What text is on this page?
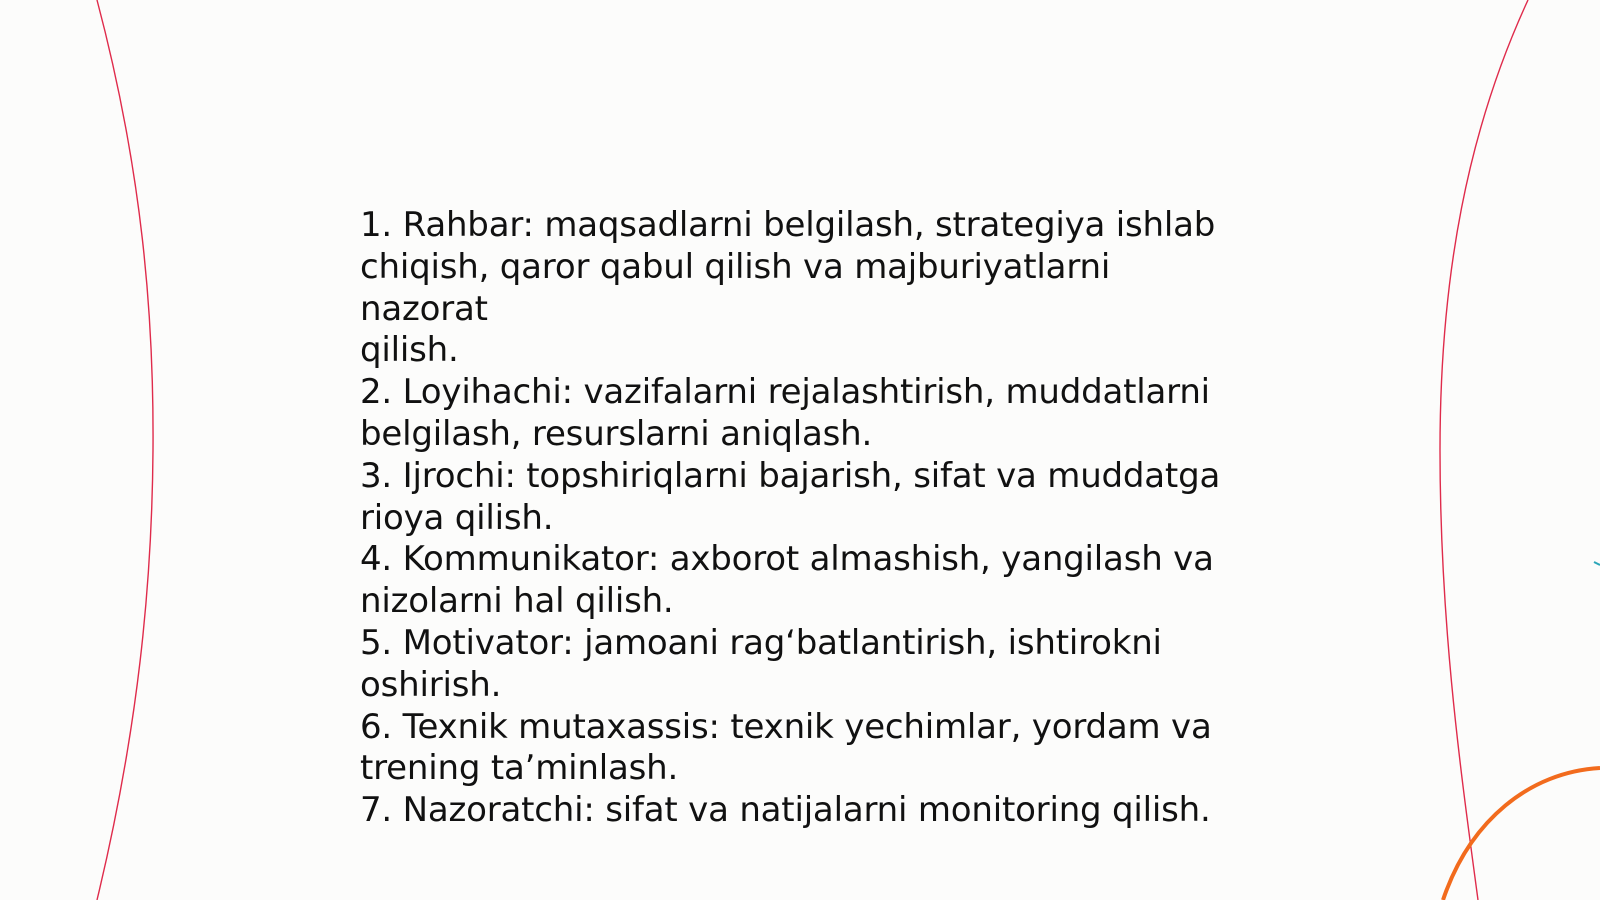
1. Rahbar: maqsadlarni belgilash, strategiya ishlab
chiqish, qaror qabul qilish va majburiyatlarni nazorat
qilish.

2. Loyihachi: vazifalarni rejalashtirish, muddatlarni
belgilash, resurslarni aniqlash.

3. Ijrochi: topshiriqlarni bajarish, sifat va muddatga
rioya qilish.

4. Kommunikator: axborot almashish, yangilash va
nizolarni hal qilish.

5. Motivator: jamoani rag‘batlantirish, ishtirokni
oshirish.

6. Texnik mutaxassis: texnik yechimlar, yordam va
trening ta’minlash.

7. Nazoratchi: sifat va natijalarni monitoring qilish.
